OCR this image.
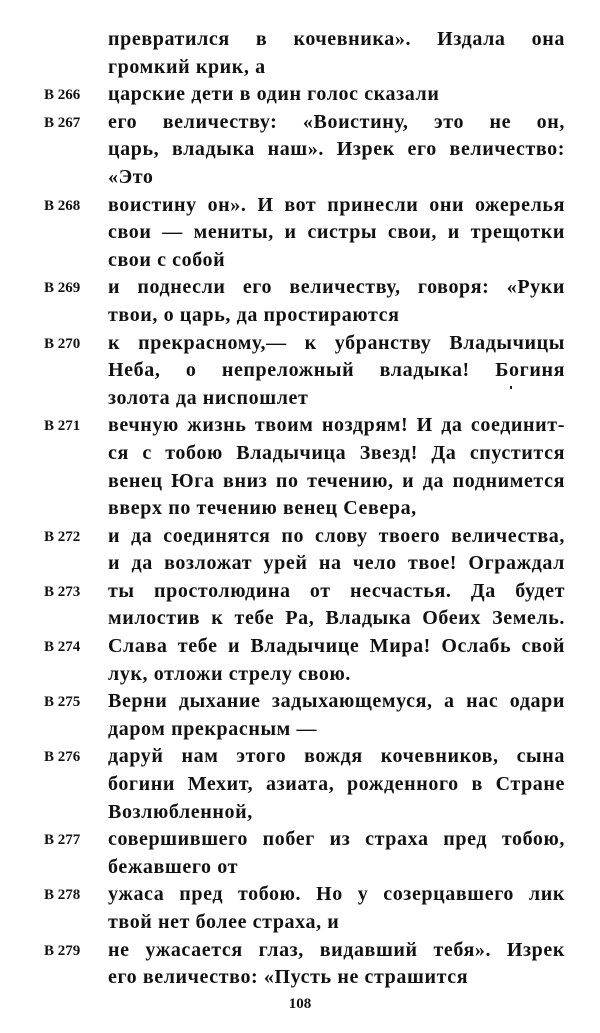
превратился в кочевника». Издала она
громкий крик, а
B 266 царские дети в один голос сказали
B 267 его величеству: «Воистину, это не он,
царь, владыка наш». Изрек его величество:
«Это
B 268 воистину он». И вот принесли они ожерелья
свои — мениты, и систры свои, и трещотки
свои с собой
B 269 и поднесли его величеству, говоря: «Руки
твои, о царь, да простираются
B 270 к прекрасному,— к убранству Владычицы
Неба, о непреложный владыка! Богиня
золота да ниспошлет
B 271 вечную жизнь твоим ноздрям! И да соединит-
ся с тобою Владычица Звезд! Да спустится
венец Юга вниз по течению, и да поднимется
вверх по течению венец Севера,
B 272 и да соединятся по слову твоего величества,
и да возложат урей на чело твое! Ограждал
B 273 ты простолюдина от несчастья. Да будет
милостив к тебе Ра, Владыка Обеих Земель.
B 274 Слава тебе и Владычице Мира! Ослабь свой
лук, отложи стрелу свою.
B 275 Верни дыхание задыхающемуся, а нас одари
даром прекрасным —
B 276 даруй нам этого вождя кочевников, сына
богини Мехит, азиата, рожденного в Стране
Возлюбленной,
B 277 совершившего побег из страха пред тобою,
бежавшего от
B 278 ужаса пред тобою. Но у созерцавшего лик
твой нет более страха, и
B 279 не ужасается глаз, видавший тебя». Изрек
его величество: «Пусть не страшится
108
